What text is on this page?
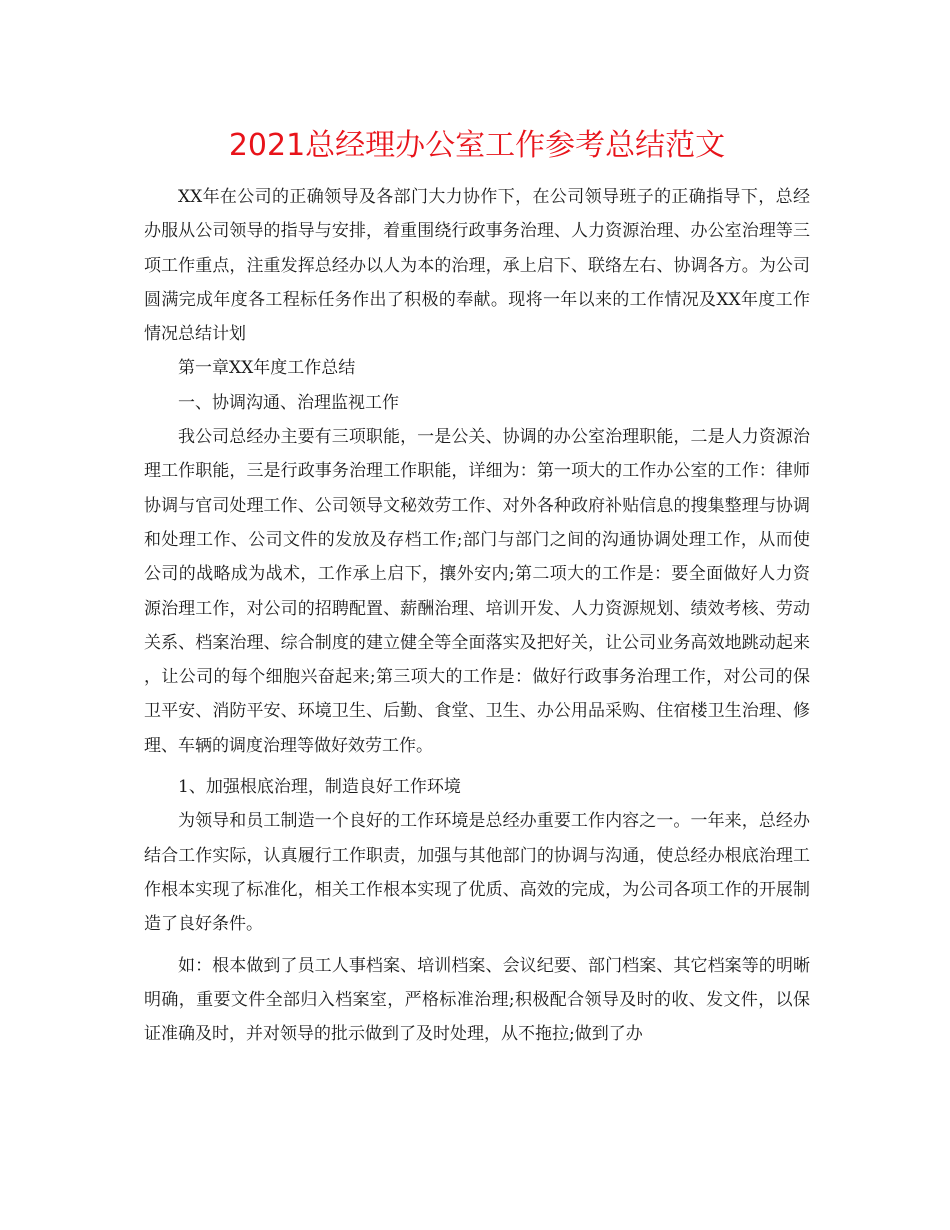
2021总经理办公室工作参考总结范文

XX年在公司的正确领导及各部门大力协作下，在公司领导班子的正确指导下，总经办服从公司领导的指导与安排，着重围绕行政事务治理、人力资源治理、办公室治理等三项工作重点，注重发挥总经办以人为本的治理，承上启下、联络左右、协调各方。为公司圆满完成年度各工程标任务作出了积极的奉献。现将一年以来的工作情况及XX年度工作情况总结计划

第一章XX年度工作总结

一、协调沟通、治理监视工作

我公司总经办主要有三项职能，一是公关、协调的办公室治理职能，二是人力资源治理工作职能，三是行政事务治理工作职能，详细为：第一项大的工作办公室的工作：律师协调与官司处理工作、公司领导文秘效劳工作、对外各种政府补贴信息的搜集整理与协调和处理工作、公司文件的发放及存档工作;部门与部门之间的沟通协调处理工作，从而使公司的战略成为战术，工作承上启下，攘外安内;第二项大的工作是：要全面做好人力资源治理工作，对公司的招聘配置、薪酬治理、培训开发、人力资源规划、绩效考核、劳动关系、档案治理、综合制度的建立健全等全面落实及把好关，让公司业务高效地跳动起来，让公司的每个细胞兴奋起来;第三项大的工作是：做好行政事务治理工作，对公司的保卫平安、消防平安、环境卫生、后勤、食堂、卫生、办公用品采购、住宿楼卫生治理、修理、车辆的调度治理等做好效劳工作。

1、加强根底治理，制造良好工作环境

为领导和员工制造一个良好的工作环境是总经办重要工作内容之一。一年来，总经办结合工作实际，认真履行工作职责，加强与其他部门的协调与沟通，使总经办根底治理工作根本实现了标准化，相关工作根本实现了优质、高效的完成，为公司各项工作的开展制造了良好条件。

如：根本做到了员工人事档案、培训档案、会议纪要、部门档案、其它档案等的明晰明确，重要文件全部归入档案室，严格标准治理;积极配合领导及时的收、发文件，以保证准确及时，并对领导的批示做到了及时处理，从不拖拉;做到了办
